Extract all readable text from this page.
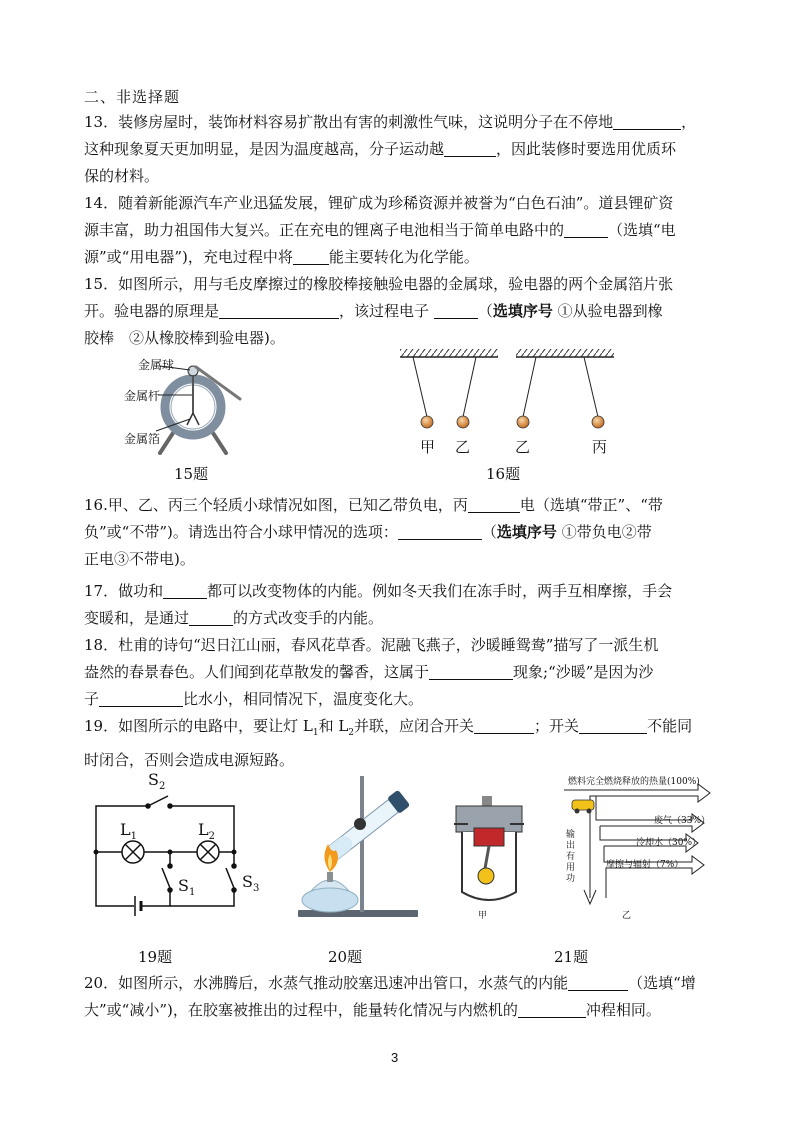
二、非选择题
13．装修房屋时，装饰材料容易扩散出有害的刺激性气味，这说明分子在不停地	，
这种现象夏天更加明显，是因为温度越高，分子运动越	，因此装修时要选用优质环
保的材料。
14．随着新能源汽车产业迅猛发展，锂矿成为珍稀资源并被誉为“白色石油”。道县锂矿资
源丰富，助力祖国伟大复兴。正在充电的锂离子电池相当于简单电路中的	（选填“电
源”或“用电器”)，充电过程中将 能主要转化为化学能。
15．如图所示，用与毛皮摩擦过的橡胶棒接触验电器的金属球，验电器的两个金属箔片张
开。验电器的原理是	，该过程电子	（选填序号 ①从验电器到橡
胶棒　②从橡胶棒到验电器)。
金属球
金属杆
金属箔
15题
甲 乙	乙	丙
16题
16.甲、乙、丙三个轻质小球情况如图，已知乙带负电，丙	电（选填“带正”、“带
负”或“不带”)。请选出符合小球甲情况的选项：	（选填序号 ①带负电②带
正电③不带电)。
17．做功和	都可以改变物体的内能。例如冬天我们在冻手时，两手互相摩擦，手会
变暖和，是通过	的方式改变手的内能。
18．杜甫的诗句“迟日江山丽，春风花草香。泥融飞燕子，沙暖睡鸳鸯”描写了一派生机
盎然的春景春色。人们闻到花草散发的馨香，这属于	现象;“沙暖”是因为沙
子	比水小，相同情况下，温度变化大。
19．如图所示的电路中，要让灯 $L_1$和 $L_2$并联，应闭合开关	；开关	不能同
时闭合，否则会造成电源短路。
$S_2$
$L_1$	$L_2$
$S_1$
$S_3$
19题	20题
甲
燃料完全燃烧释放的热量(100%)
废气（33%）
冷却水（30%）
摩擦与辐射（7%）
输
出
有
用
功
乙
21题
20．如图所示，水沸腾后，水蒸气推动胶塞迅速冲出管口，水蒸气的内能	（选填“增
大”或“减小”)，在胶塞被推出的过程中，能量转化情况与内燃机的	冲程相同。
3
